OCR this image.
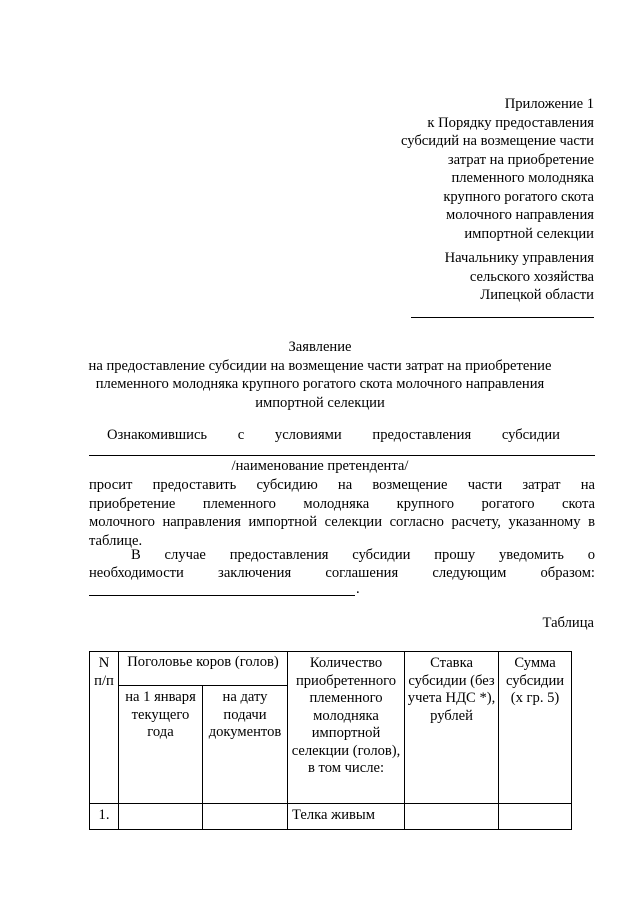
Приложение 1
к Порядку предоставления
субсидий на возмещение части
затрат на приобретение
племенного молодняка
крупного рогатого скота
молочного направления
импортной селекции
Начальнику управления
сельского хозяйства
Липецкой области
Заявление
на предоставление субсидии на возмещение части затрат на приобретение
племенного молодняка крупного рогатого скота молочного направления
импортной селекции
Ознакомившись с условиями предоставления субсидии
/наименование претендента/
просит предоставить субсидию на возмещение части затрат на
приобретение племенного молодняка крупного рогатого скота
молочного направления импортной селекции согласно расчету, указанному в
таблице.
В случае предоставления субсидии прошу уведомить о
необходимости заключения соглашения следующим образом:
.
Таблица
N п/п	Поголовье коров (голов)		Количество приобретенного племенного молодняка импортной селекции (голов), в том числе:	Ставка субсидии (без учета НДС *), рублей	Сумма субсидии (х гр. 5)
	на 1 января текущего года	на дату подачи документов			
1.			Телка живым		
